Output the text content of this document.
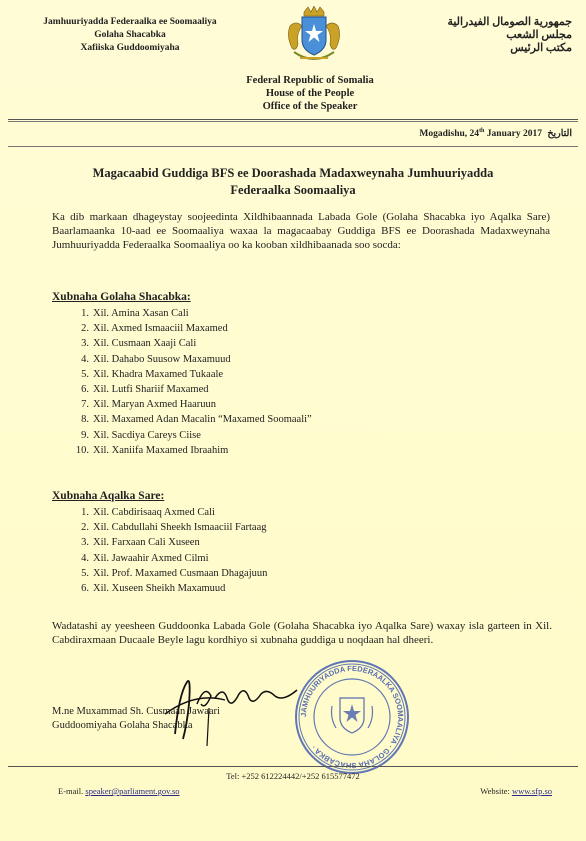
Jamhuuriyadda Federaalka ee Soomaaliya
Golaha Shacabka
Xafiiska Guddoomiyaha
جمهورية الصومال الفيدرالية
مجلس الشعب
مكتب الرئيس
Federal Republic of Somalia
House of the People
Office of the Speaker
Mogadishu, 24th January 2017 التاريخ
Magacaabid Guddiga BFS ee Doorashada Madaxweynaha Jumhuuriyadda
Federaalka Soomaaliya
Ka dib markaan dhageystay soojeedinta Xildhibaannada Labada Gole (Golaha Shacabka iyo Aqalka Sare) Baarlamaanka 10-aad ee Soomaaliya waxaa la magacaabay Guddiga BFS ee Doorashada Madaxweynaha Jumhuuriyadda Federaalka Soomaaliya oo ka kooban xildhibaanada soo socda:
Xubnaha Golaha Shacabka:
1. Xil. Amina Xasan Cali
2. Xil. Axmed Ismaaciil Maxamed
3. Xil. Cusmaan Xaaji Cali
4. Xil. Dahabo Suusow Maxamuud
5. Xil. Khadra Maxamed Tukaale
6. Xil. Lutfi Shariif Maxamed
7. Xil. Maryan Axmed Haaruun
8. Xil. Maxamed Adan Macalin “Maxamed Soomaali”
9. Xil. Sacdiya Careys Ciise
10. Xil. Xaniifa Maxamed Ibraahim
Xubnaha Aqalka Sare:
1. Xil. Cabdirisaaq Axmed Cali
2. Xil. Cabdullahi Sheekh Ismaaciil Fartaag
3. Xil. Farxaan Cali Xuseen
4. Xil. Jawaahir Axmed Cilmi
5. Xil. Prof. Maxamed Cusmaan Dhagajuun
6. Xil. Xuseen Sheikh Maxamuud
Wadatashi ay yeesheen Guddoonka Labada Gole (Golaha Shacabka iyo Aqalka Sare) waxay isla garteen in Xil. Cabdiraxmaan Ducaale Beyle lagu kordhiyo si xubnaha guddiga u noqdaan hal dheeri.
JAMHUURIYADDA FEDERAALKA SOOMAALIYA · GOLAHA SHACABKA ·
M.ne Muxammad Sh. Cusmaan Jawaari
Guddoomiyaha Golaha Shacabka
Tel: +252 612224442/+252 615577472
E-mail. speaker@parliament.gov.so	Website: www.sfp.so
